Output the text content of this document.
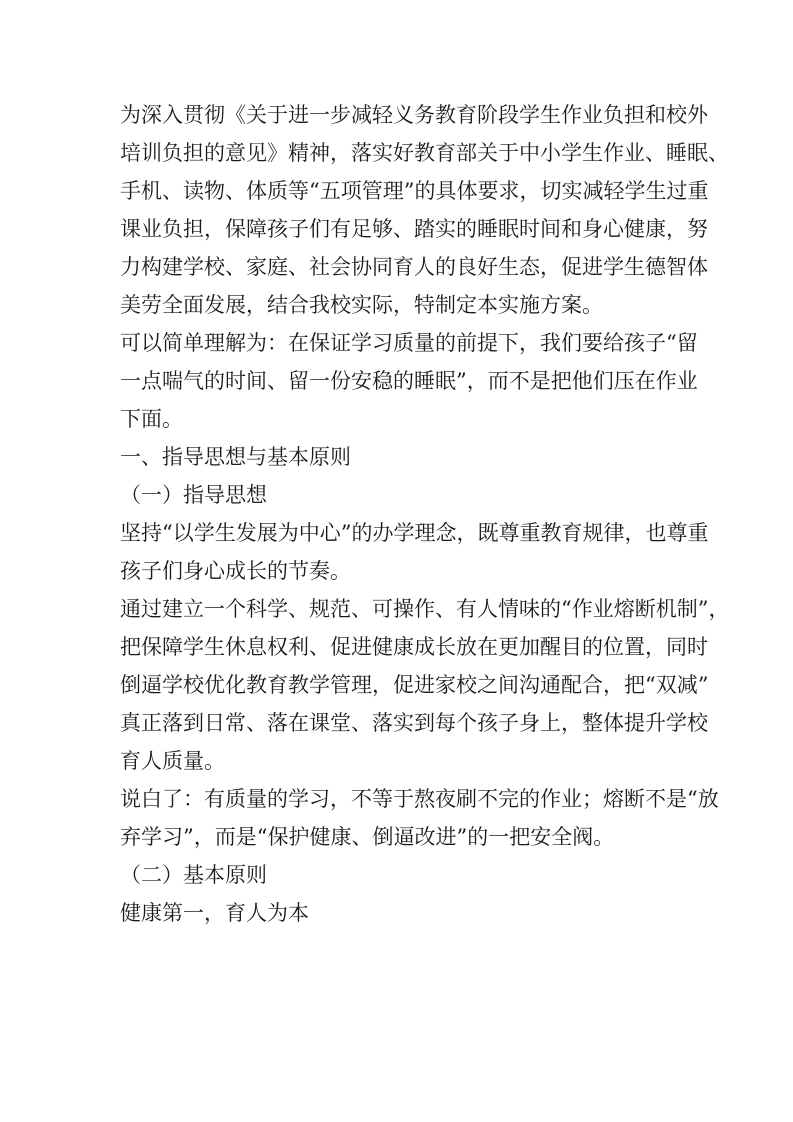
为深入贯彻《关于进一步减轻义务教育阶段学生作业负担和校外
培训负担的意见》精神，落实好教育部关于中小学生作业、睡眠、
手机、读物、体质等“五项管理”的具体要求，切实减轻学生过重
课业负担，保障孩子们有足够、踏实的睡眠时间和身心健康，努
力构建学校、家庭、社会协同育人的良好生态，促进学生德智体
美劳全面发展，结合我校实际，特制定本实施方案。
可以简单理解为：在保证学习质量的前提下，我们要给孩子“留
一点喘气的时间、留一份安稳的睡眠”，而不是把他们压在作业
下面。
一、指导思想与基本原则
（一）指导思想
坚持“以学生发展为中心”的办学理念，既尊重教育规律，也尊重
孩子们身心成长的节奏。
通过建立一个科学、规范、可操作、有人情味的“作业熔断机制”，
把保障学生休息权利、促进健康成长放在更加醒目的位置，同时
倒逼学校优化教育教学管理，促进家校之间沟通配合，把“双减”
真正落到日常、落在课堂、落实到每个孩子身上，整体提升学校
育人质量。
说白了：有质量的学习，不等于熬夜刷不完的作业；熔断不是“放
弃学习”，而是“保护健康、倒逼改进”的一把安全阀。
（二）基本原则
健康第一，育人为本
